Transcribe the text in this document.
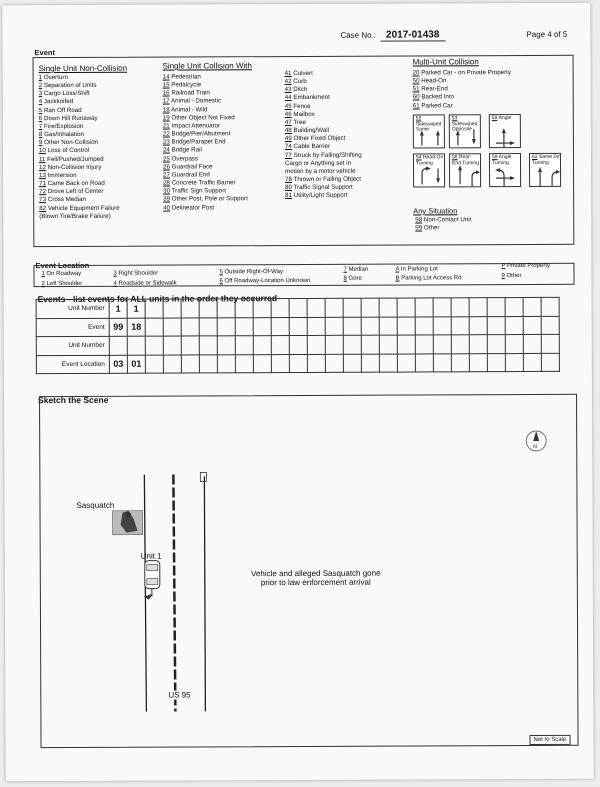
Case No.: 2017-01438	Page 4 of 5
Event
Single Unit Non-Collision
1 Overturn
2 Separation of Units
3 Cargo Loss/Shift
4 Jackknifed
5 Ran Off Road
6 Down Hill Runaway
7 Fire/Explosion
8 Gas/Inhalation
9 Other Non-Collision
10 Loss of Control
11 Fell/Pushed/Jumped
12 Non-Collision Injury
13 Immersion
71 Came Back on Road
72 Drove Left of Center
73 Cross Median
82 Vehicle Equipment Failure
(Blown Tire/Brake Failure)
Single Unit Collision With
14 Pedestrian
15 Pedalcycle
16 Railroad Train
17 Animal - Domestic
18 Animal - Wild
19 Other Object Not Fixed
21 Impact Attenuator
22 Bridge/Pier/Abutment
23 Bridge/Parapet End
24 Bridge Rail
25 Overpass
26 Guardrail Face
27 Guardrail End
28 Concrete Traffic Barrier
30 Traffic Sign Support
39 Other Post, Pole or Support
40 Delineator Post
41 Culvert
42 Curb
43 Ditch
44 Embankment
45 Fence
46 Mailbox
47 Tree
48 Building/Wall
49 Other Fixed Object
74 Cable Barrier
77 Struck by Falling/Shifting
Cargo or Anything set in
motion by a motor vehicle
78 Thrown or Falling Object
80 Traffic Signal Support
81 Utility/Light Support
Multi-Unit Collision
20 Parked Car - on Private Property
50 Head-On
51 Rear-End
60 Backed Into
61 Parked Car
52 Sideswiped Same
53 Sideswiped Opposite
58 Angle
54 Head-On Turning
56 Rear-End Turning
59 Angle Turning
62 Same Dir Turning
Any Situation
98 Non-Contact Unit
99 Other
Event Location
1 On Roadway
2 Left Shoulder
3 Right Shoulder
4 Roadside or Sidewalk
5 Outside Right-Of-Way
6 Off Roadway-Location Unknown
7 Median
8 Gore
A In Parking Lot
B Parking Lot Access Rd
P Private Property
9 Other
Events - list events for ALL units in the order they occurred
Unit Number	1	1																							
Event	99	18																							
Unit Number																									
Event Location	03	01																							
Sketch the Scene
Sasquatch
Unit 1
Vehicle and alleged Sasquatch gone
prior to law enforcement arrival
US 95
N
Not to Scale
